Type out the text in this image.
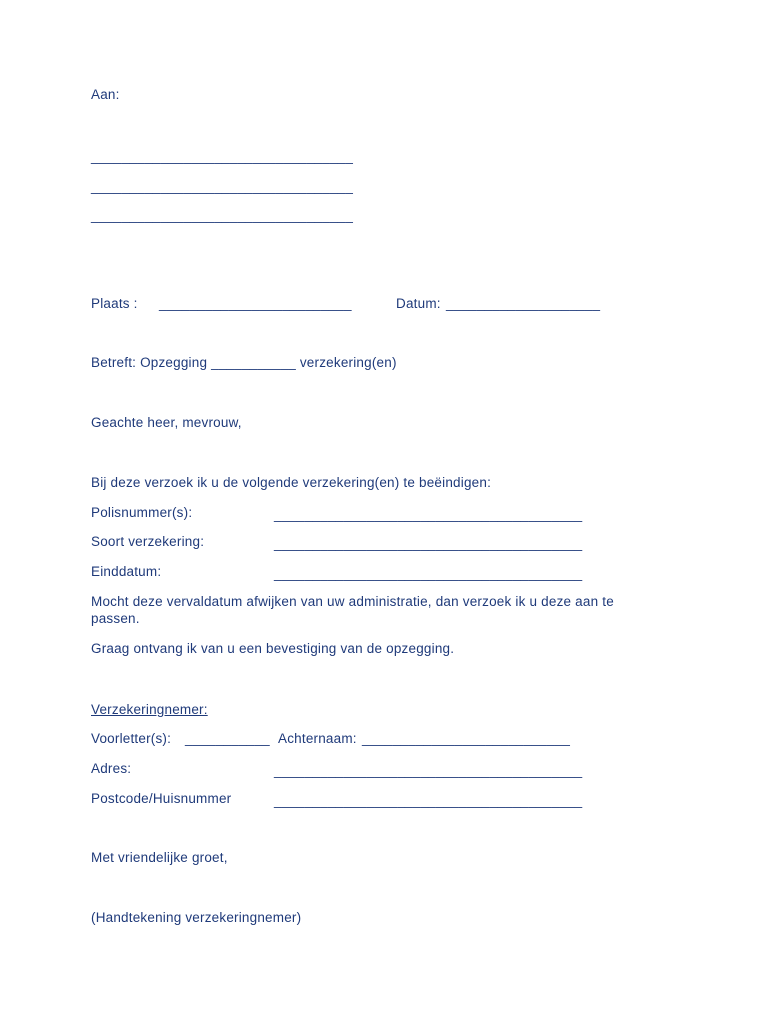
Aan:
__________________________________
__________________________________
__________________________________
Plaats : _________________________	Datum: ____________________
Betreft: Opzegging ___________ verzekering(en)
Geachte heer, mevrouw,
Bij deze verzoek ik u de volgende verzekering(en) te beëindigen:
Polisnummer(s):	________________________________________
Soort verzekering:	________________________________________
Einddatum:	________________________________________
Mocht deze vervaldatum afwijken van uw administratie, dan verzoek ik u deze aan te
passen.
Graag ontvang ik van u een bevestiging van de opzegging.
Verzekeringnemer:
Voorletter(s): ___________ Achternaam: ___________________________
Adres:	________________________________________
Postcode/Huisnummer	________________________________________
Met vriendelijke groet,
(Handtekening verzekeringnemer)
